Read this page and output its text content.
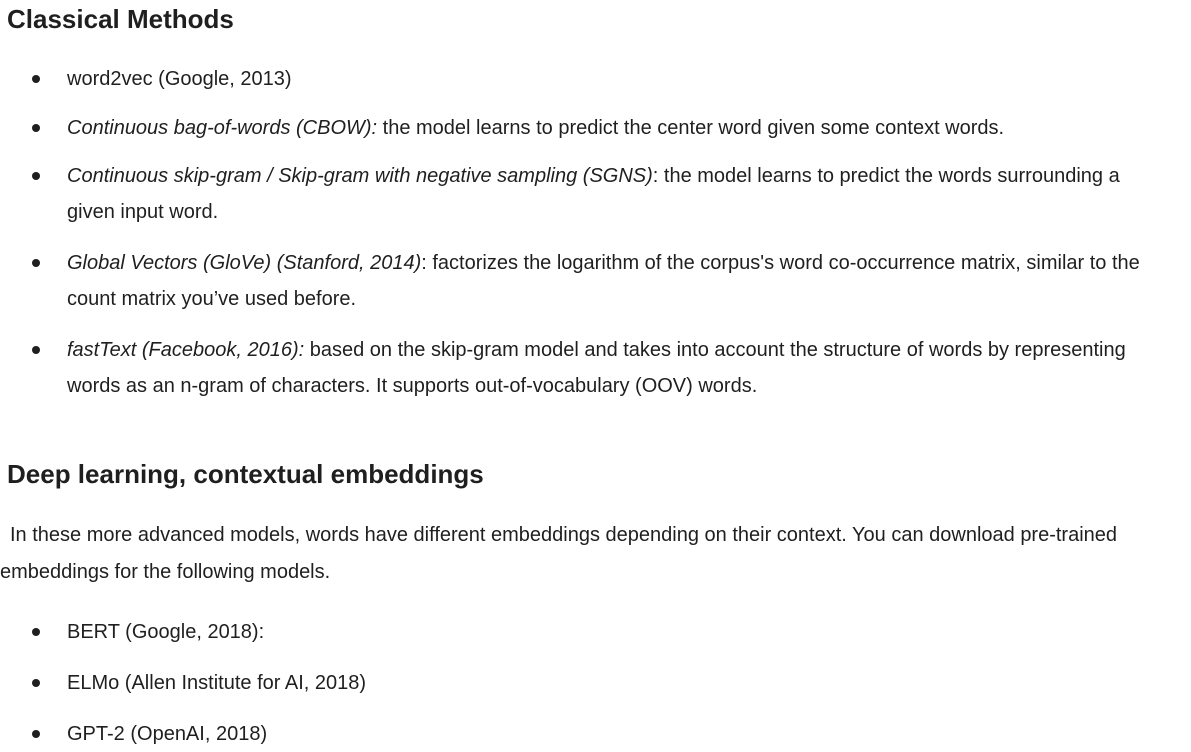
Classical Methods
word2vec (Google, 2013)
Continuous bag-of-words (CBOW): the model learns to predict the center word given some context words.
Continuous skip-gram / Skip-gram with negative sampling (SGNS): the model learns to predict the words surrounding a given input word.
Global Vectors (GloVe) (Stanford, 2014): factorizes the logarithm of the corpus's word co-occurrence matrix, similar to the count matrix you’ve used before.
fastText (Facebook, 2016): based on the skip-gram model and takes into account the structure of words by representing words as an n-gram of characters. It supports out-of-vocabulary (OOV) words.
Deep learning, contextual embeddings

In these more advanced models, words have different embeddings depending on their context. You can download pre-trained embeddings for the following models.

BERT (Google, 2018):
ELMo (Allen Institute for AI, 2018)
GPT-2 (OpenAI, 2018)
